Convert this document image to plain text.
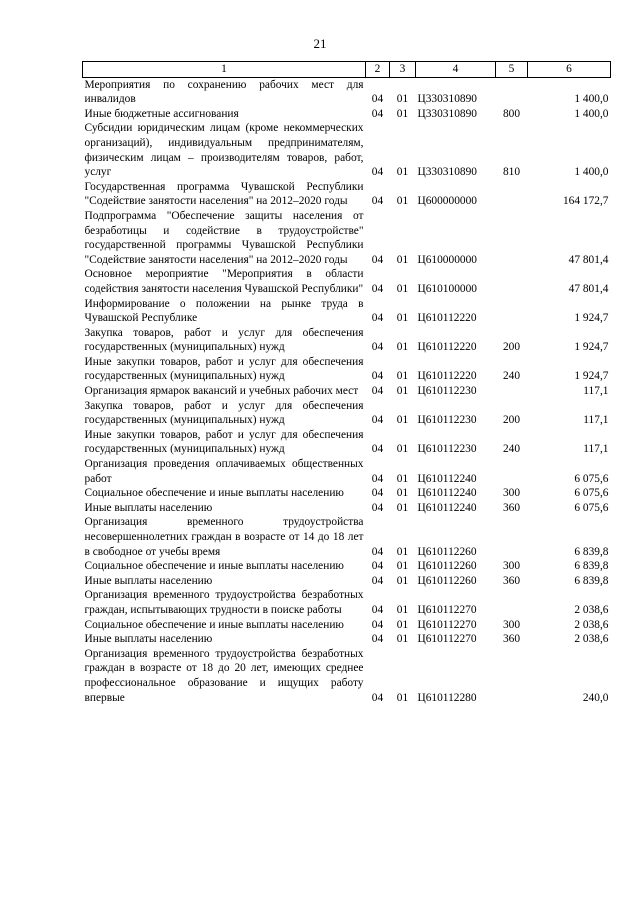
21
1	2	3	4	5	6
Мероприятия по сохранению рабочих мест для инвалидов	04	01	Ц330310890		1 400,0
Иные бюджетные ассигнования	04	01	Ц330310890	800	1 400,0
Субсидии юридическим лицам (кроме некоммерческих организаций), индивидуальным предпринимателям, физическим лицам – производителям товаров, работ, услуг	04	01	Ц330310890	810	1 400,0
Государственная программа Чувашской Республики "Содействие занятости населения" на 2012–2020 годы	04	01	Ц600000000		164 172,7
Подпрограмма "Обеспечение защиты населения от безработицы и содействие в трудоустройстве" государственной программы Чувашской Республики "Содействие занятости населения" на 2012–2020 годы	04	01	Ц610000000		47 801,4
Основное мероприятие "Мероприятия в области содействия занятости населения Чувашской Республики"	04	01	Ц610100000		47 801,4
Информирование о положении на рынке труда в Чувашской Республике	04	01	Ц610112220		1 924,7
Закупка товаров, работ и услуг для обеспечения государственных (муниципальных) нужд	04	01	Ц610112220	200	1 924,7
Иные закупки товаров, работ и услуг для обеспечения государственных (муниципальных) нужд	04	01	Ц610112220	240	1 924,7
Организация ярмарок вакансий и учебных рабочих мест	04	01	Ц610112230		117,1
Закупка товаров, работ и услуг для обеспечения государственных (муниципальных) нужд	04	01	Ц610112230	200	117,1
Иные закупки товаров, работ и услуг для обеспечения государственных (муниципальных) нужд	04	01	Ц610112230	240	117,1
Организация проведения оплачиваемых общественных работ	04	01	Ц610112240		6 075,6
Социальное обеспечение и иные выплаты населению	04	01	Ц610112240	300	6 075,6
Иные выплаты населению	04	01	Ц610112240	360	6 075,6
Организация временного трудоустройства несовершеннолетних граждан в возрасте от 14 до 18 лет в свободное от учебы время	04	01	Ц610112260		6 839,8
Социальное обеспечение и иные выплаты населению	04	01	Ц610112260	300	6 839,8
Иные выплаты населению	04	01	Ц610112260	360	6 839,8
Организация временного трудоустройства безработных граждан, испытывающих трудности в поиске работы	04	01	Ц610112270		2 038,6
Социальное обеспечение и иные выплаты населению	04	01	Ц610112270	300	2 038,6
Иные выплаты населению	04	01	Ц610112270	360	2 038,6
Организация временного трудоустройства безработных граждан в возрасте от 18 до 20 лет, имеющих среднее профессиональное образование и ищущих работу впервые	04	01	Ц610112280		240,0
